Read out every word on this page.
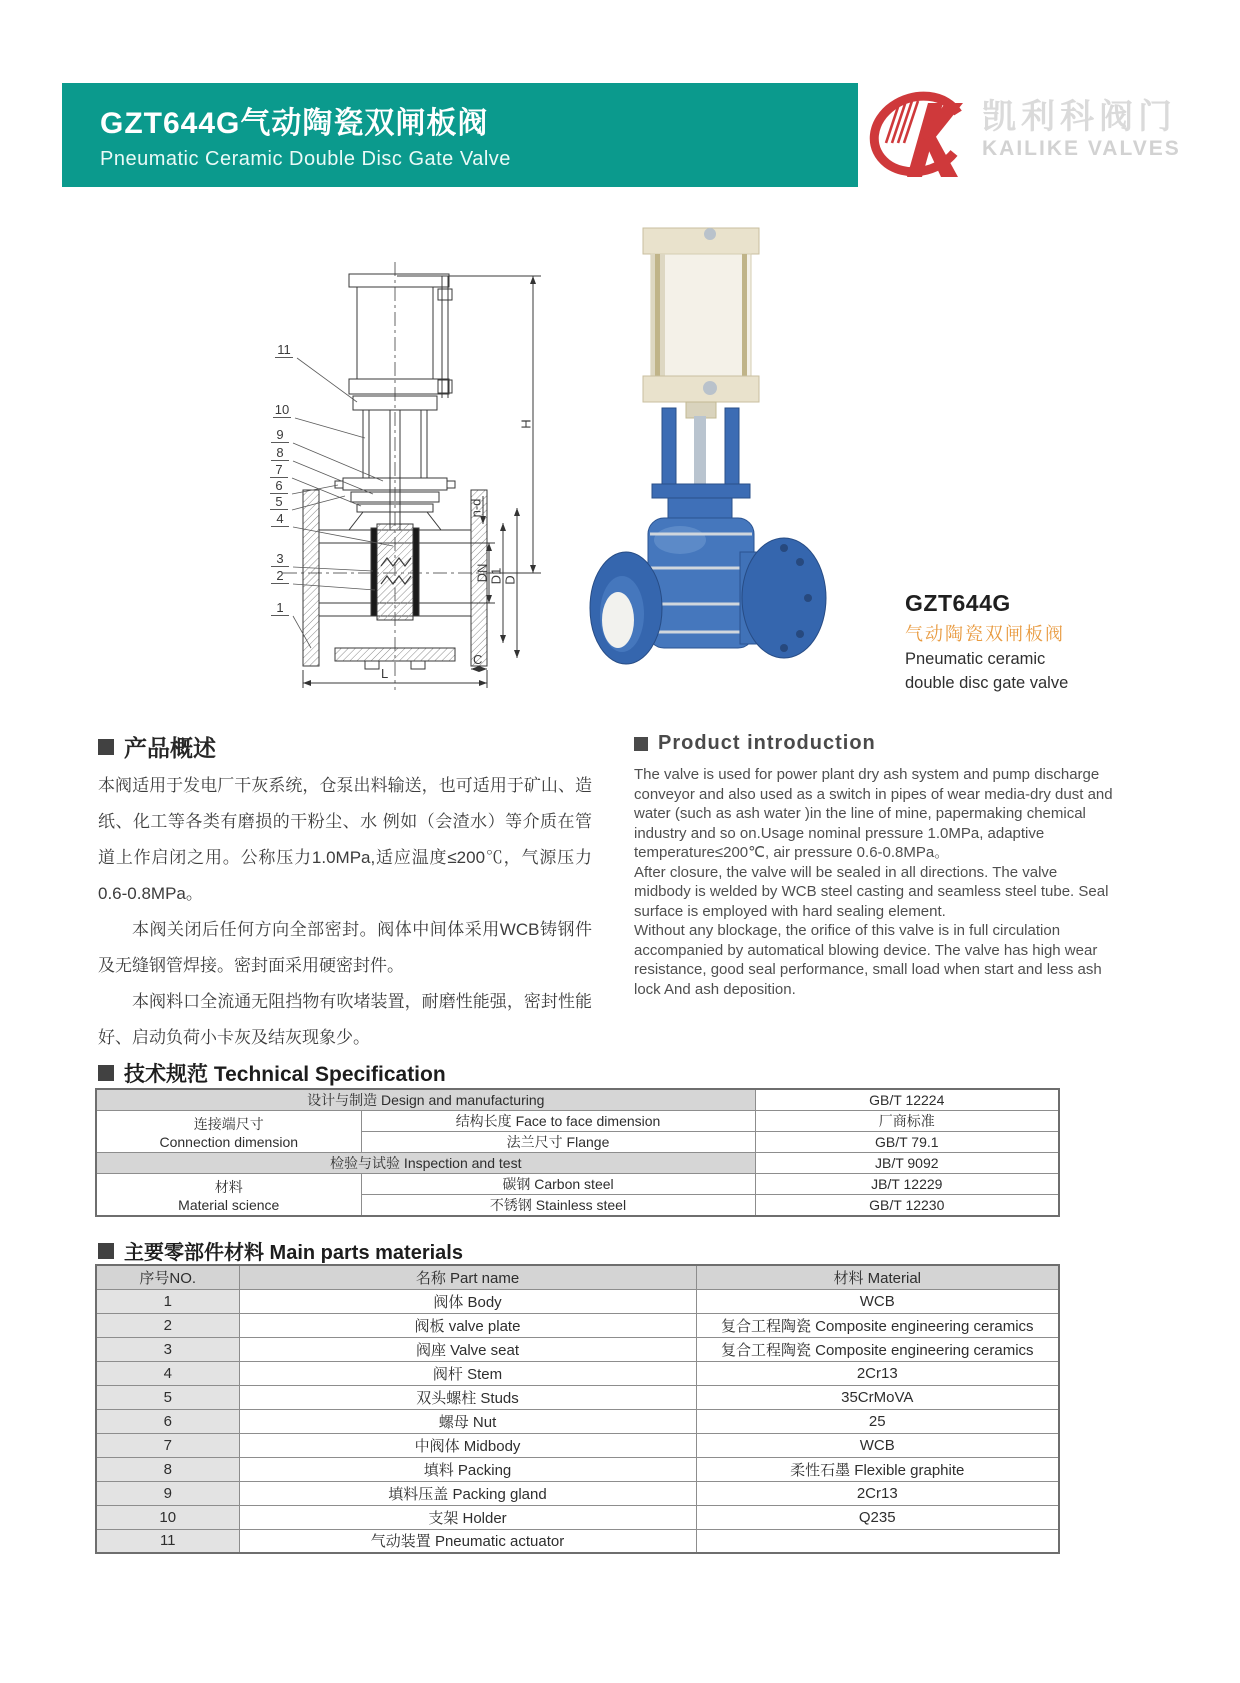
GZT644G气动陶瓷双闸板阀
Pneumatic Ceramic Double Disc Gate Valve
凯利科阀门
KAILIKE VALVES
11
10
9
8
7
6
5
4
3
2
1
H
n-d
DN D1 D
L
C
GZT644G
气动陶瓷双闸板阀
Pneumatic ceramic
double disc gate valve
产品概述

本阀适用于发电厂干灰系统，仓泵出料输送，也可适用于矿山、造纸、化工等各类有磨损的干粉尘、水 例如（会渣水）等介质在管道上作启闭之用。公称压力1.0MPa,适应温度≤200℃，气源压力0.6-0.8MPa。

本阀关闭后任何方向全部密封。阀体中间体采用WCB铸钢件及无缝钢管焊接。密封面采用硬密封件。

本阀料口全流通无阻挡物有吹堵装置，耐磨性能强，密封性能好、启动负荷小卡灰及结灰现象少。

Product introduction

The valve is used for power plant dry ash system and pump discharge conveyor and also used as a switch in pipes of wear media-dry dust and water (such as ash water )in the line of mine, papermaking chemical industry and so on.Usage nominal pressure 1.0MPa, adaptive temperature≤200℃, air pressure 0.6-0.8MPa。

After closure, the valve will be sealed in all directions. The valve midbody is welded by WCB steel casting and seamless steel tube. Seal surface is employed with hard sealing element.

Without any blockage, the orifice of this valve is in full circulation accompanied by automatical blowing device. The valve has high wear resistance, good seal performance, small load when start and less ash lock And ash deposition.

技术规范 Technical Specification
设计与制造 Design and manufacturing		GB/T 12224

连接端尺寸
Connection dimension	结构长度 Face to face dimension	厂商标准
	法兰尺寸 Flange	GB/T 79.1
检验与试验 Inspection and test		JB/T 9092

材料
Material science	碳钢 Carbon steel	JB/T 12229
	不锈钢 Stainless steel	GB/T 12230
主要零部件材料 Main parts materials
序号NO.	名称 Part name	材料 Material
1	阀体 Body	WCB
2	阀板 valve plate	复合工程陶瓷 Composite engineering ceramics
3	阀座 Valve seat	复合工程陶瓷 Composite engineering ceramics
4	阀杆 Stem	2Cr13
5	双头螺柱 Studs	35CrMoVA
6	螺母 Nut	25
7	中阀体 Midbody	WCB
8	填料 Packing	柔性石墨 Flexible graphite
9	填料压盖 Packing gland	2Cr13
10	支架 Holder	Q235
11	气动装置 Pneumatic actuator	
